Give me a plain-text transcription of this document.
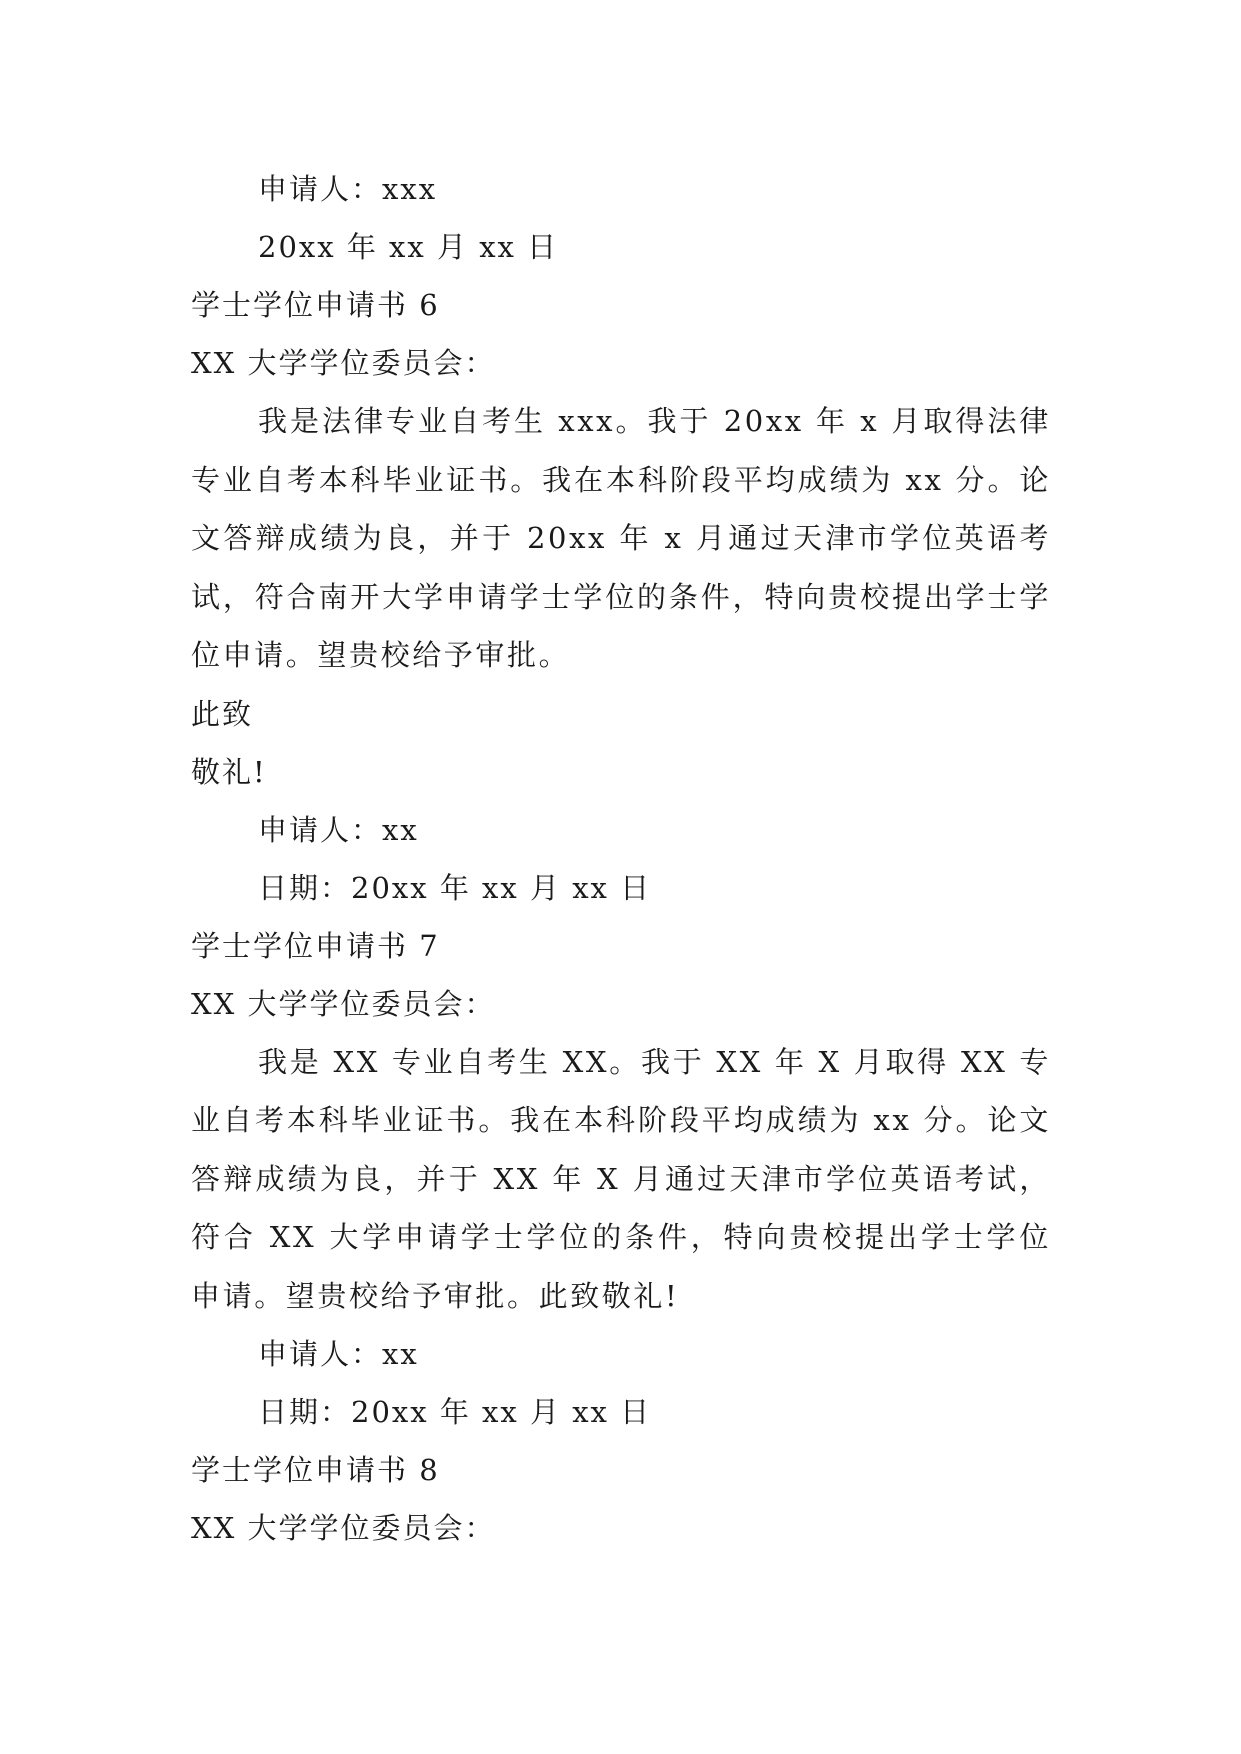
申请人：xxx
20xx 年 xx 月 xx 日
学士学位申请书 6
XX 大学学位委员会：

我是法律专业自考生 xxx。我于 20xx 年 x 月取得法律专业自考本科毕业证书。我在本科阶段平均成绩为 xx 分。论文答辩成绩为良，并于 20xx 年 x 月通过天津市学位英语考试，符合南开大学申请学士学位的条件，特向贵校提出学士学位申请。望贵校给予审批。

此致
敬礼!
申请人：xx
日期：20xx 年 xx 月 xx 日
学士学位申请书 7
XX 大学学位委员会：

我是 XX 专业自考生 XX。我于 XX 年 X 月取得 XX 专业自考本科毕业证书。我在本科阶段平均成绩为 xx 分。论文答辩成绩为良，并于 XX 年 X 月通过天津市学位英语考试，符合 XX 大学申请学士学位的条件，特向贵校提出学士学位申请。望贵校给予审批。此致敬礼!

申请人：xx
日期：20xx 年 xx 月 xx 日
学士学位申请书 8
XX 大学学位委员会：
